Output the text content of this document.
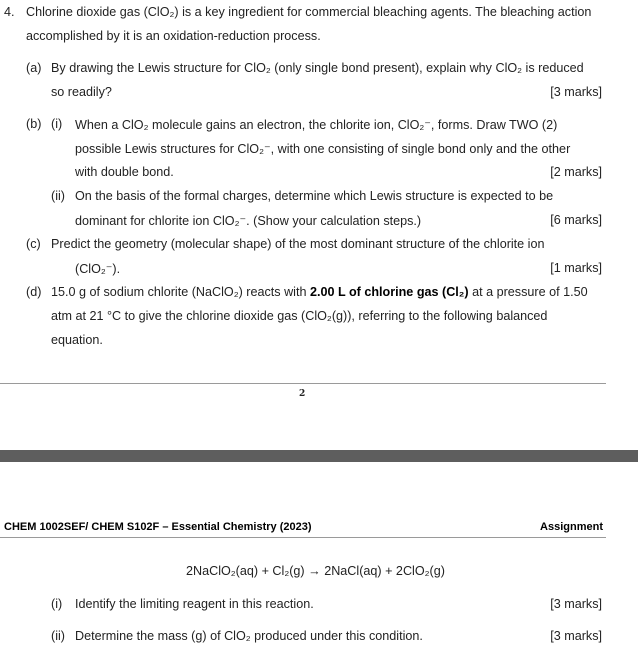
4. Chlorine dioxide gas (ClO₂) is a key ingredient for commercial bleaching agents. The bleaching action
accomplished by it is an oxidation-reduction process.
(a) By drawing the Lewis structure for ClO₂ (only single bond present), explain why ClO₂ is reduced
so readily?	[3 marks]
(b) (i) When a ClO₂ molecule gains an electron, the chlorite ion, ClO₂⁻, forms. Draw TWO (2)
possible Lewis structures for ClO₂⁻, with one consisting of single bond only and the other
with double bond.	[2 marks]
(ii) On the basis of the formal charges, determine which Lewis structure is expected to be
dominant for chlorite ion ClO₂⁻. (Show your calculation steps.)	[6 marks]
(c) Predict the geometry (molecular shape) of the most dominant structure of the chlorite ion
(ClO₂⁻).	[1 marks]
(d) 15.0 g of sodium chlorite (NaClO₂) reacts with 2.00 L of chlorine gas (Cl₂) at a pressure of 1.50
atm at 21 °C to give the chlorine dioxide gas (ClO₂(g)), referring to the following balanced
equation.
2
CHEM 1002SEF/ CHEM S102F – Essential Chemistry (2023)	Assignment
2NaClO₂(aq) + Cl₂(g) → 2NaCl(aq) + 2ClO₂(g)
(i) Identify the limiting reagent in this reaction.	[3 marks]
(ii) Determine the mass (g) of ClO₂ produced under this condition.	[3 marks]
